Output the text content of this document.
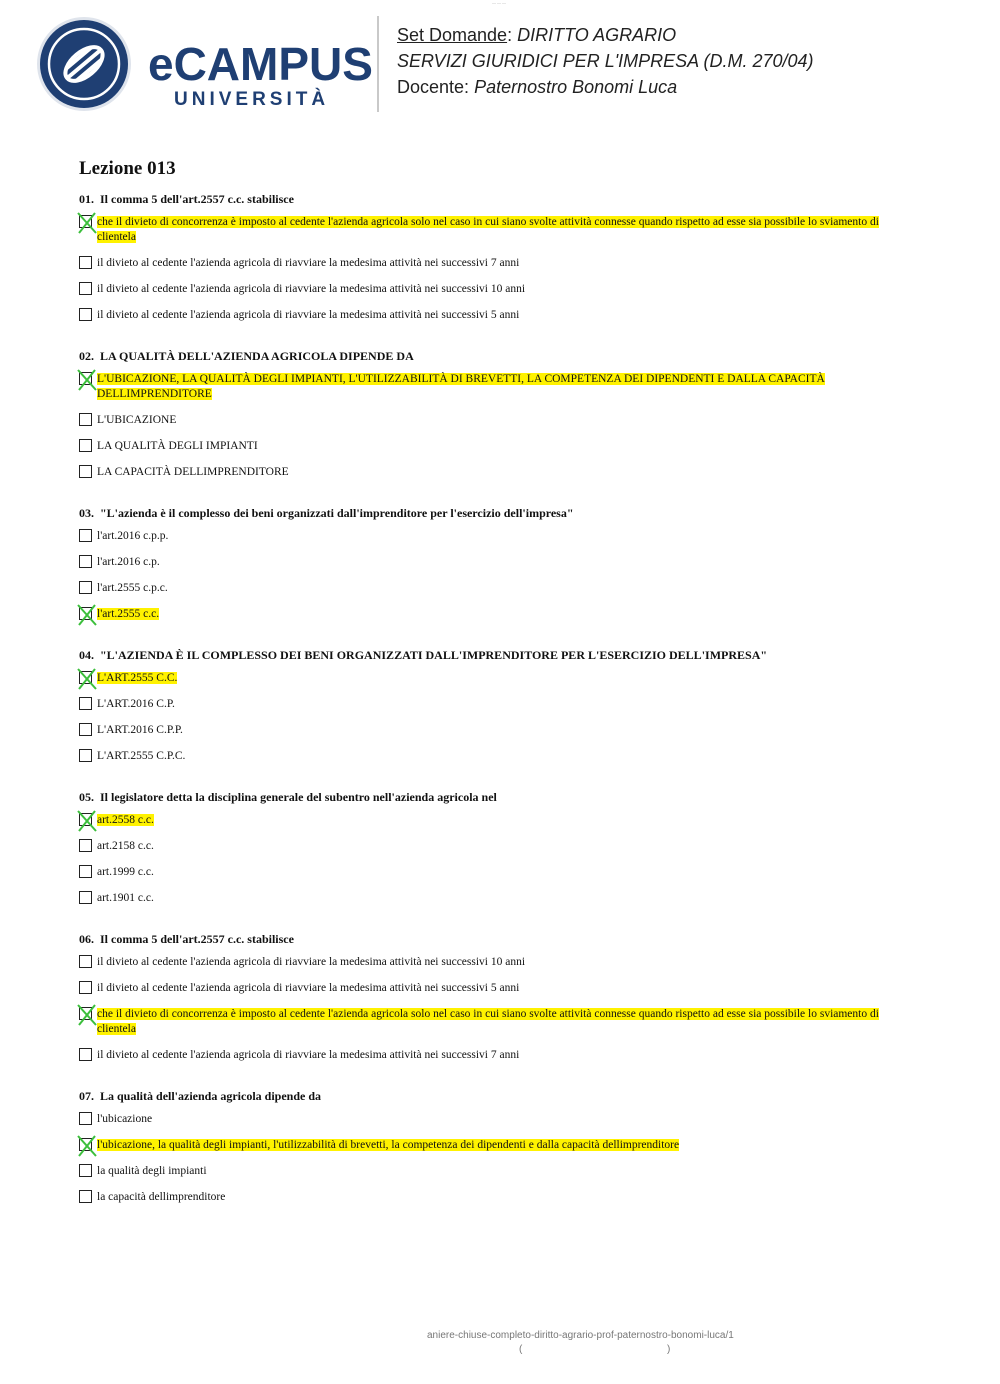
— — —
eCAMPUS
UNIVERSITÀ
Set Domande: DIRITTO AGRARIO
SERVIZI GIURIDICI PER L'IMPRESA (D.M. 270/04)
Docente: Paternostro Bonomi Luca
Lezione 013
01. Il comma 5 dell'art.2557 c.c. stabilisce
che il divieto di concorrenza è imposto al cedente l'azienda agricola solo nel caso in cui siano svolte attività connesse quando rispetto ad esse sia possibile lo sviamento di clientela
il divieto al cedente l'azienda agricola di riavviare la medesima attività nei successivi 7 anni
il divieto al cedente l'azienda agricola di riavviare la medesima attività nei successivi 10 anni
il divieto al cedente l'azienda agricola di riavviare la medesima attività nei successivi 5 anni
02. LA QUALITÀ DELL'AZIENDA AGRICOLA DIPENDE DA
L'UBICAZIONE, LA QUALITÀ DEGLI IMPIANTI, L'UTILIZZABILITÀ DI BREVETTI, LA COMPETENZA DEI DIPENDENTI E DALLA CAPACITÀ DELLIMPRENDITORE
L'UBICAZIONE
LA QUALITÀ DEGLI IMPIANTI
LA CAPACITÀ DELLIMPRENDITORE
03. "L'azienda è il complesso dei beni organizzati dall'imprenditore per l'esercizio dell'impresa"
l'art.2016 c.p.p.
l'art.2016 c.p.
l'art.2555 c.p.c.
l'art.2555 c.c.
04. "L'AZIENDA È IL COMPLESSO DEI BENI ORGANIZZATI DALL'IMPRENDITORE PER L'ESERCIZIO DELL'IMPRESA"
L'ART.2555 C.C.
L'ART.2016 C.P.
L'ART.2016 C.P.P.
L'ART.2555 C.P.C.
05. Il legislatore detta la disciplina generale del subentro nell'azienda agricola nel
art.2558 c.c.
art.2158 c.c.
art.1999 c.c.
art.1901 c.c.
06. Il comma 5 dell'art.2557 c.c. stabilisce
il divieto al cedente l'azienda agricola di riavviare la medesima attività nei successivi 10 anni
il divieto al cedente l'azienda agricola di riavviare la medesima attività nei successivi 5 anni
che il divieto di concorrenza è imposto al cedente l'azienda agricola solo nel caso in cui siano svolte attività connesse quando rispetto ad esse sia possibile lo sviamento di clientela
il divieto al cedente l'azienda agricola di riavviare la medesima attività nei successivi 7 anni
07. La qualità dell'azienda agricola dipende da
l'ubicazione
l'ubicazione, la qualità degli impianti, l'utilizzabilità di brevetti, la competenza dei dipendenti e dalla capacità dellimprenditore
la qualità degli impianti
la capacità dellimprenditore
aniere-chiuse-completo-diritto-agrario-prof-paternostro-bonomi-luca/1
(	)
